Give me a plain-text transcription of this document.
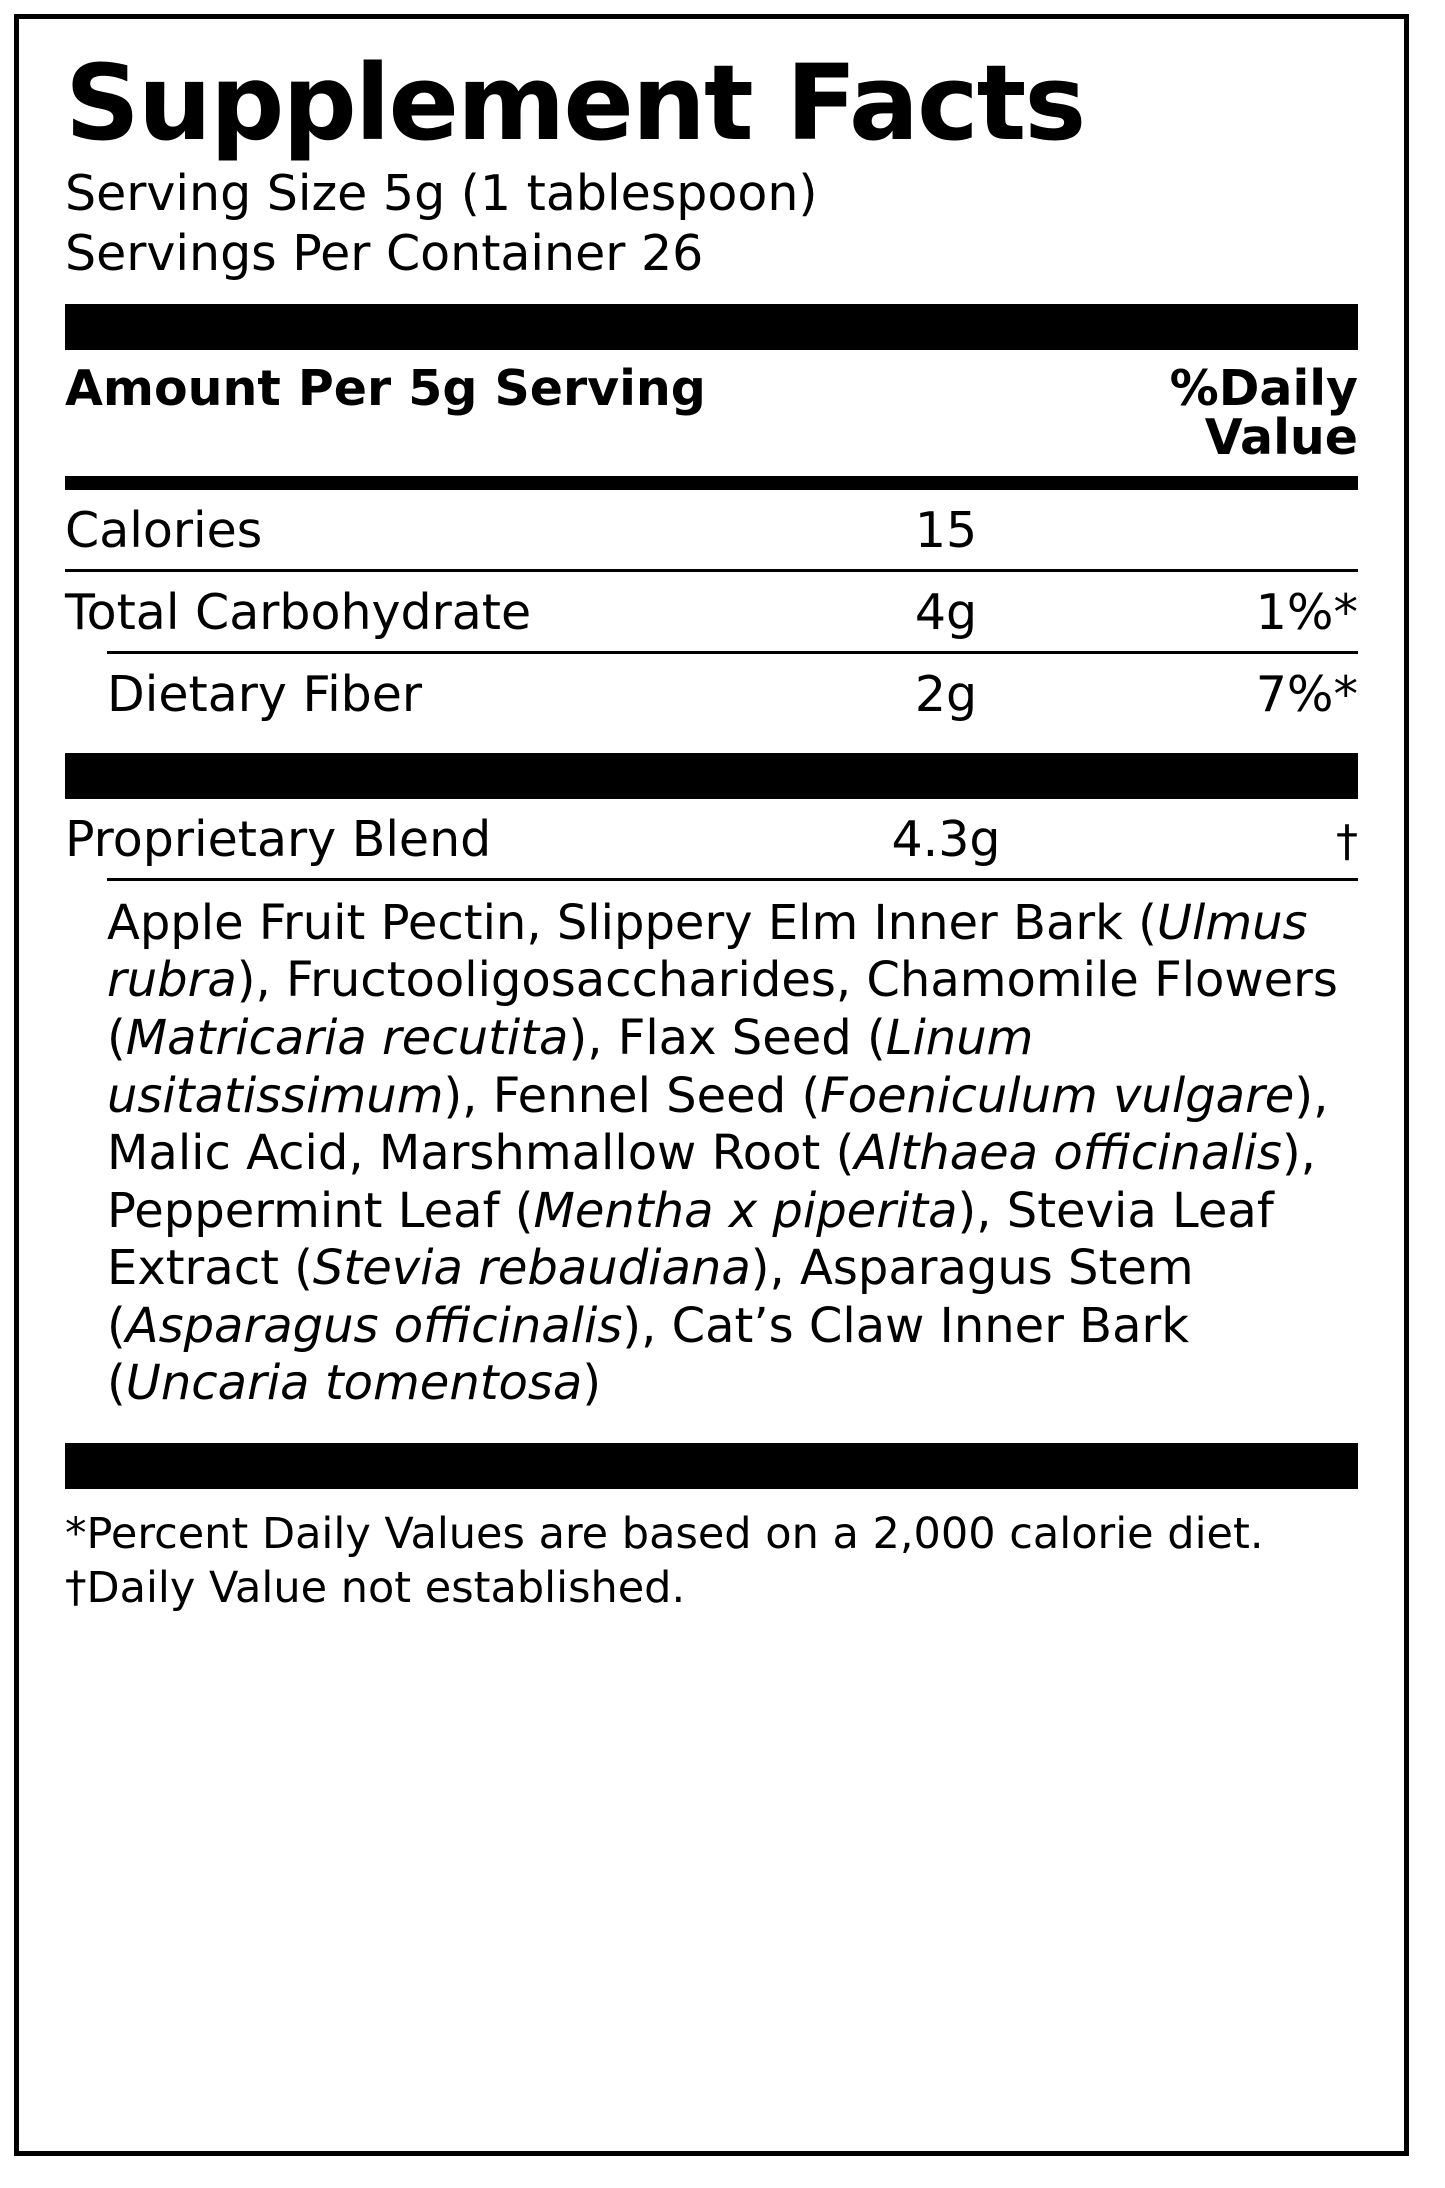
Supplement Facts
Serving Size 5g (1 tablespoon)
Servings Per Container 26
Amount Per 5g Serving	%Daily Value
Calories	15
Total Carbohydrate	4g	1%*
Dietary Fiber	2g	7%*
Proprietary Blend	4.3g	†
Apple Fruit Pectin, Slippery Elm Inner Bark (Ulmus rubra), Fructooligosaccharides, Chamomile Flowers (Matricaria recutita), Flax Seed (Linum usitatissimum), Fennel Seed (Foeniculum vulgare), Malic Acid, Marshmallow Root (Althaea officinalis), Peppermint Leaf (Mentha x piperita), Stevia Leaf Extract (Stevia rebaudiana), Asparagus Stem (Asparagus officinalis), Cat’s Claw Inner Bark (Uncaria tomentosa)
*Percent Daily Values are based on a 2,000 calorie diet.
†Daily Value not established.
